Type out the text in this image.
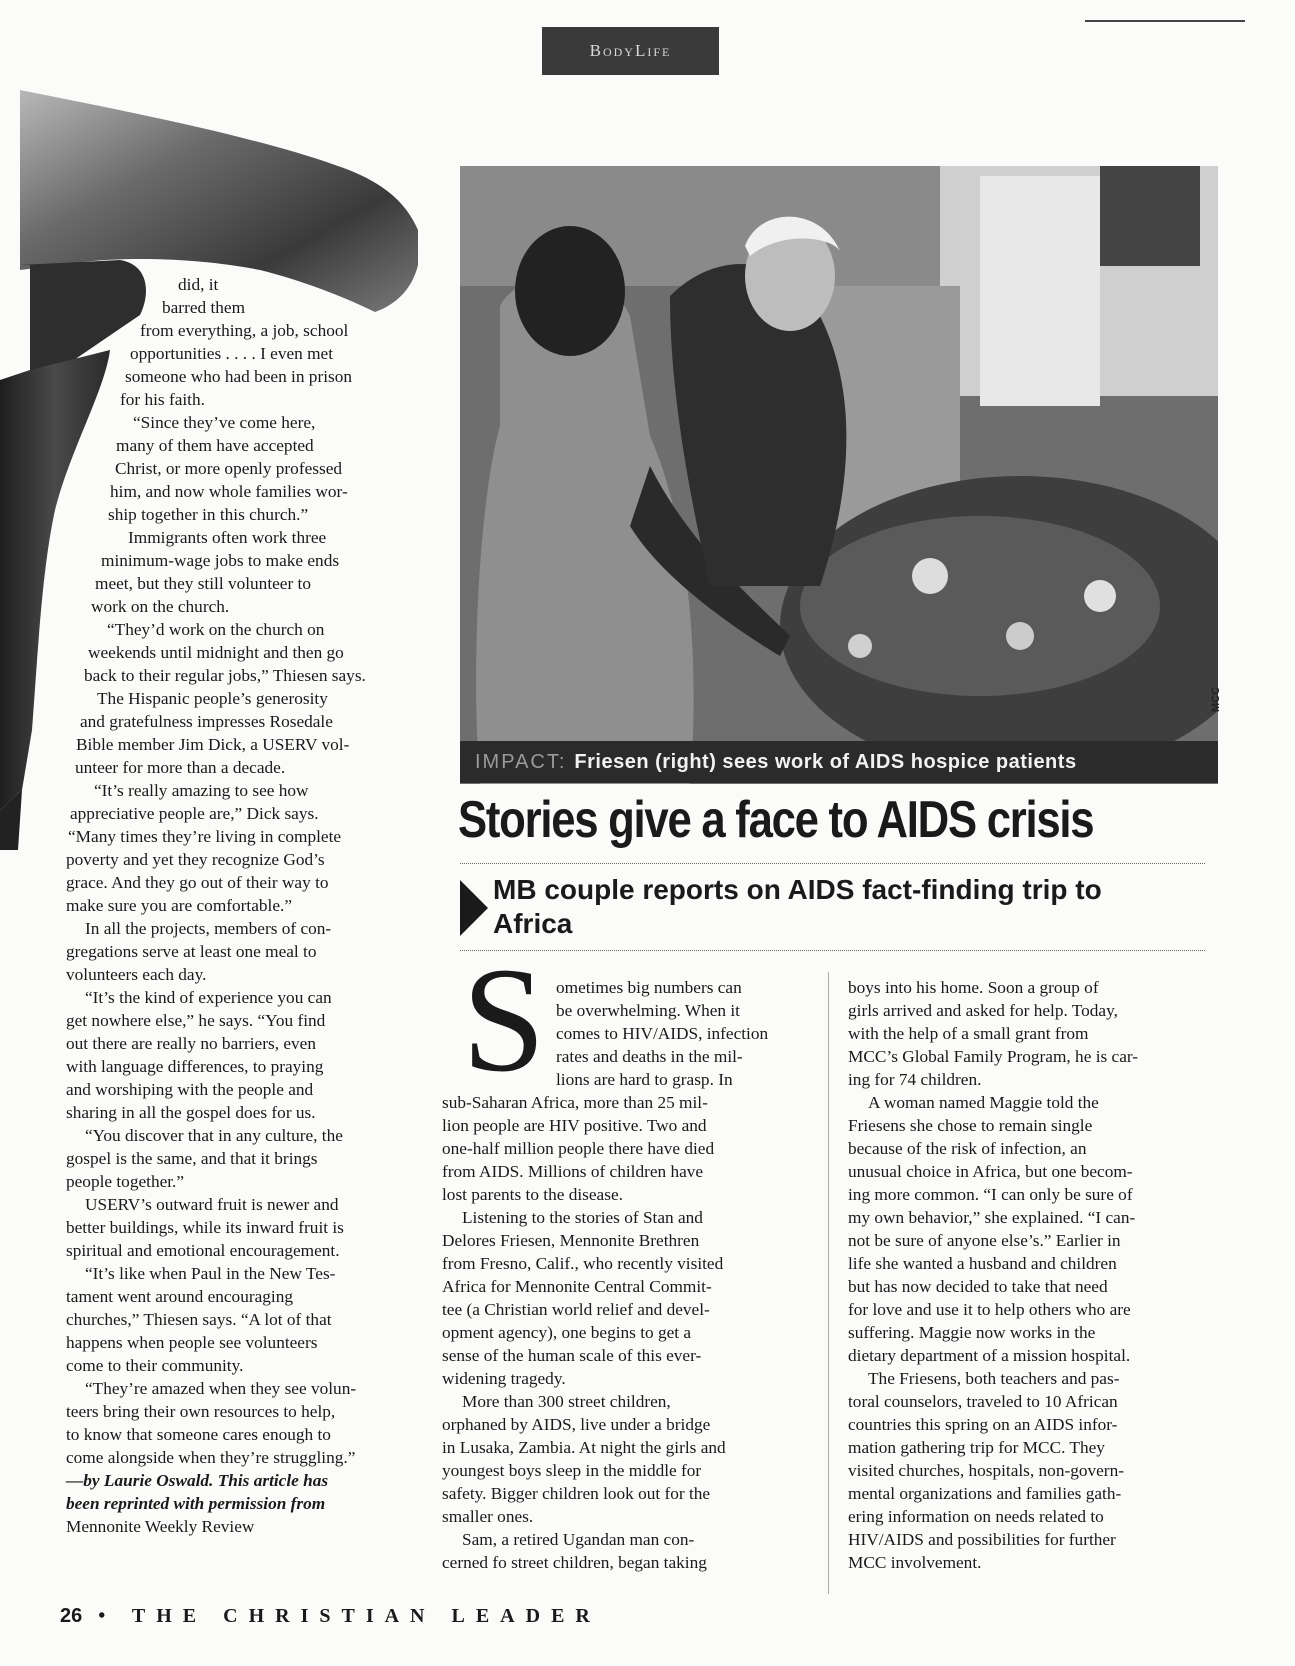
BodyLife

did, it

barred them

from everything, a job, school

opportunities . . . . I even met

someone who had been in prison

for his faith.

“Since they’ve come here,

many of them have accepted

Christ, or more openly professed

him, and now whole families wor-

ship together in this church.”

Immigrants often work three

minimum-wage jobs to make ends

meet, but they still volunteer to

work on the church.

“They’d work on the church on

weekends until midnight and then go

back to their regular jobs,” Thiesen says.

The Hispanic people’s generosity

and gratefulness impresses Rosedale

Bible member Jim Dick, a USERV vol-

unteer for more than a decade.

“It’s really amazing to see how

appreciative people are,” Dick says.

“Many times they’re living in complete

poverty and yet they recognize God’s

grace. And they go out of their way to

make sure you are comfortable.”

In all the projects, members of con-

gregations serve at least one meal to

volunteers each day.

“It’s the kind of experience you can

get nowhere else,” he says. “You find

out there are really no barriers, even

with language differences, to praying

and worshiping with the people and

sharing in all the gospel does for us.

“You discover that in any culture, the

gospel is the same, and that it brings

people together.”

USERV’s outward fruit is newer and

better buildings, while its inward fruit is

spiritual and emotional encouragement.

“It’s like when Paul in the New Tes-

tament went around encouraging

churches,” Thiesen says. “A lot of that

happens when people see volunteers

come to their community.

“They’re amazed when they see volun-

teers bring their own resources to help,

to know that someone cares enough to

come alongside when they’re struggling.”

—by Laurie Oswald. This article has

been reprinted with permission from

Mennonite Weekly Review

IMPACT: Friesen (right) sees work of AIDS hospice patients
MCC
Stories give a face to AIDS crisis
MB couple reports on AIDS fact-finding trip to
Africa
S ometimes big numbers can

be overwhelming. When it

comes to HIV/AIDS, infection

rates and deaths in the mil-

lions are hard to grasp. In

sub-Saharan Africa, more than 25 mil-

lion people are HIV positive. Two and

one-half million people there have died

from AIDS. Millions of children have

lost parents to the disease.

Listening to the stories of Stan and

Delores Friesen, Mennonite Brethren

from Fresno, Calif., who recently visited

Africa for Mennonite Central Commit-

tee (a Christian world relief and devel-

opment agency), one begins to get a

sense of the human scale of this ever-

widening tragedy.

More than 300 street children,

orphaned by AIDS, live under a bridge

in Lusaka, Zambia. At night the girls and

youngest boys sleep in the middle for

safety. Bigger children look out for the

smaller ones.

Sam, a retired Ugandan man con-

cerned fo street children, began taking

boys into his home. Soon a group of

girls arrived and asked for help. Today,

with the help of a small grant from

MCC’s Global Family Program, he is car-

ing for 74 children.

A woman named Maggie told the

Friesens she chose to remain single

because of the risk of infection, an

unusual choice in Africa, but one becom-

ing more common. “I can only be sure of

my own behavior,” she explained. “I can-

not be sure of anyone else’s.” Earlier in

life she wanted a husband and children

but has now decided to take that need

for love and use it to help others who are

suffering. Maggie now works in the

dietary department of a mission hospital.

The Friesens, both teachers and pas-

toral counselors, traveled to 10 African

countries this spring on an AIDS infor-

mation gathering trip for MCC. They

visited churches, hospitals, non-govern-

mental organizations and families gath-

ering information on needs related to

HIV/AIDS and possibilities for further

MCC involvement.

26 • THE CHRISTIAN LEADER
